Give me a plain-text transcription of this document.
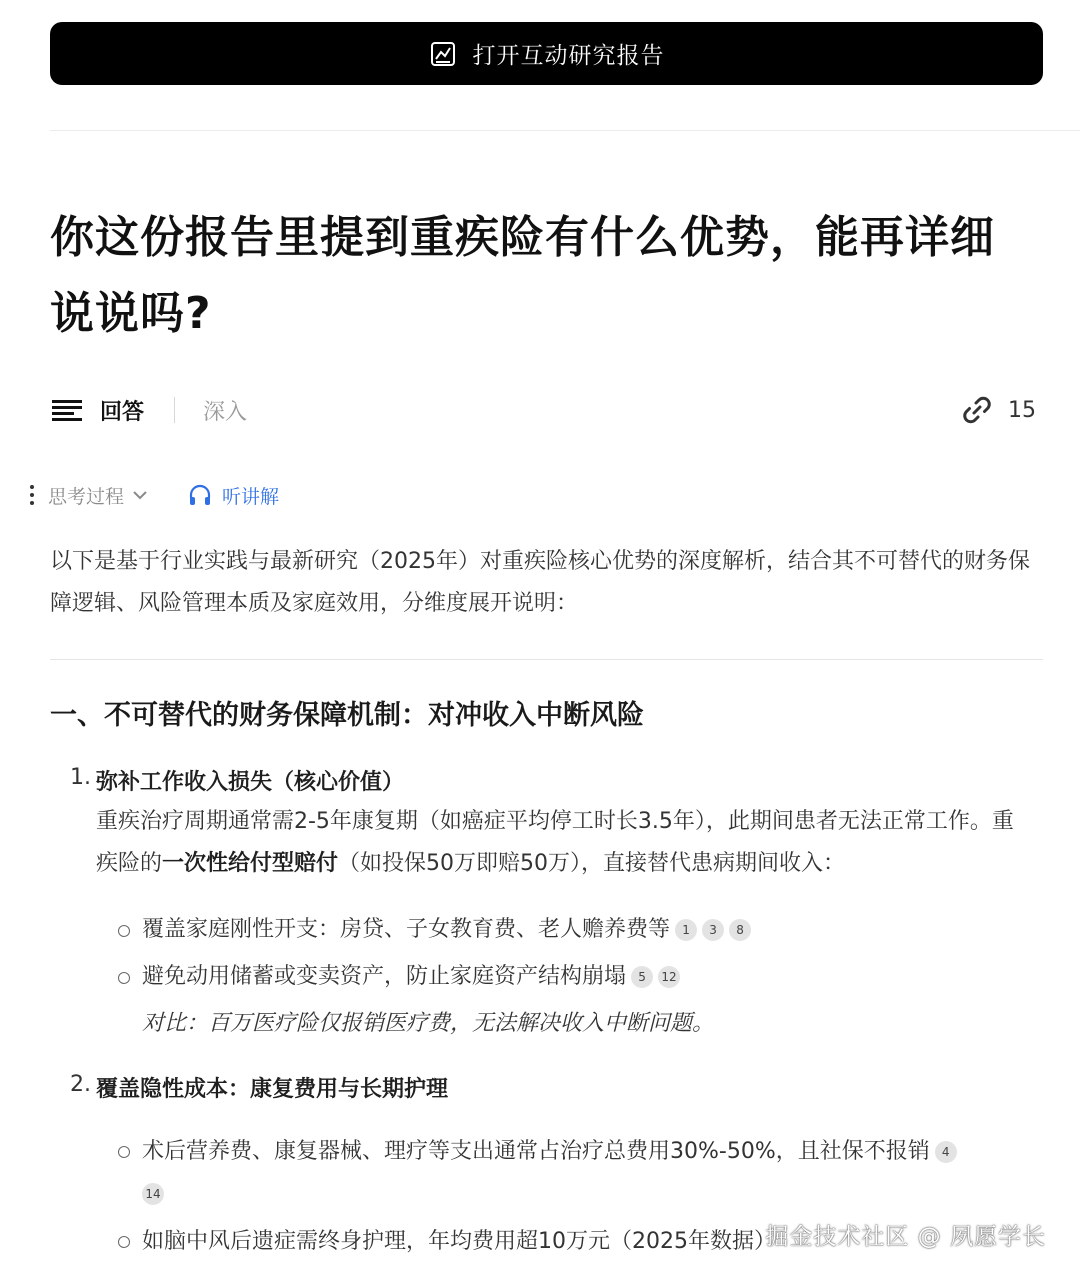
打开互动研究报告
你这份报告里提到重疾险有什么优势，能再详细说说吗?
回答	深入	15
思考过程	听讲解

以下是基于行业实践与最新研究（2025年）对重疾险核心优势的深度解析，结合其不可替代的财务保障逻辑、风险管理本质及家庭效用，分维度展开说明：

一、不可替代的财务保障机制：对冲收入中断风险
1. 弥补工作收入损失（核心价值）

重疾治疗周期通常需2-5年康复期（如癌症平均停工时长3.5年），此期间患者无法正常工作。重疾险的一次性给付型赔付（如投保50万即赔50万），直接替代患病期间收入：

覆盖家庭刚性开支：房贷、子女教育费、老人赡养费等 1 3 8
避免动用储蓄或变卖资产，防止家庭资产结构崩塌 5 12
对比：百万医疗险仅报销医疗费，无法解决收入中断问题。
2. 覆盖隐性成本：康复费用与长期护理
术后营养费、康复器械、理疗等支出通常占治疗总费用30%-50%，且社保不报销 4
14
如脑中风后遗症需终身护理，年均费用超10万元（2025年数据）
掘金技术社区 @ 夙愿学长
